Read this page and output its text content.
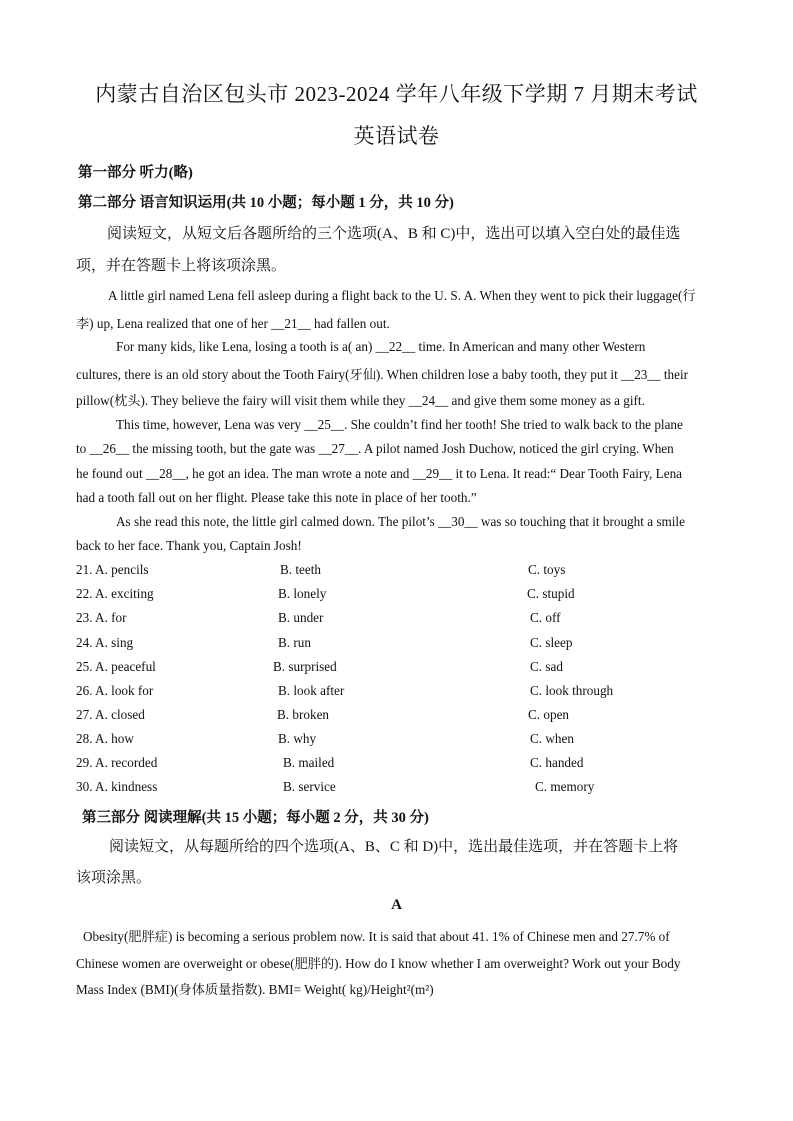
内蒙古自治区包头市 2023-2024 学年八年级下学期 7 月期末考试
英语试卷
第一部分 听力(略)
第二部分 语言知识运用(共 10 小题；每小题 1 分，共 10 分)
阅读短文，从短文后各题所给的三个选项(A、B 和 C)中，选出可以填入空白处的最佳选
项，并在答题卡上将该项涂黑。
A little girl named Lena fell asleep during a flight back to the U. S. A. When they went to pick their luggage(行
李) up, Lena realized that one of her __21__ had fallen out.
For many kids, like Lena, losing a tooth is a( an) __22__ time. In American and many other Western
cultures, there is an old story about the Tooth Fairy(牙仙). When children lose a baby tooth, they put it __23__ their
pillow(枕头). They believe the fairy will visit them while they __24__ and give them some money as a gift.
This time, however, Lena was very __25__. She couldn’t find her tooth! She tried to walk back to the plane
to __26__ the missing tooth, but the gate was __27__. A pilot named Josh Duchow, noticed the girl crying. When
he found out __28__, he got an idea. The man wrote a note and __29__ it to Lena. It read:“ Dear Tooth Fairy, Lena
had a tooth fall out on her flight. Please take this note in place of her tooth.”
As she read this note, the little girl calmed down. The pilot’s __30__ was so touching that it brought a smile
back to her face. Thank you, Captain Josh!
21. A. pencils	B. teeth	C. toys
22. A. exciting	B. lonely	C. stupid
23. A. for	B. under	C. off
24. A. sing	B. run	C. sleep
25. A. peaceful	B. surprised	C. sad
26. A. look for	B. look after	C. look through
27. A. closed	B. broken	C. open
28. A. how	B. why	C. when
29. A. recorded	B. mailed	C. handed
30. A. kindness	B. service	C. memory
第三部分 阅读理解(共 15 小题；每小题 2 分，共 30 分)
阅读短文，从每题所给的四个选项(A、B、C 和 D)中，选出最佳选项，并在答题卡上将
该项涂黑。
A
Obesity(肥胖症) is becoming a serious problem now. It is said that about 41. 1% of Chinese men and 27.7% of
Chinese women are overweight or obese(肥胖的). How do I know whether I am overweight? Work out your Body
Mass Index (BMI)(身体质量指数). BMI= Weight( kg)/Height²(m²)
